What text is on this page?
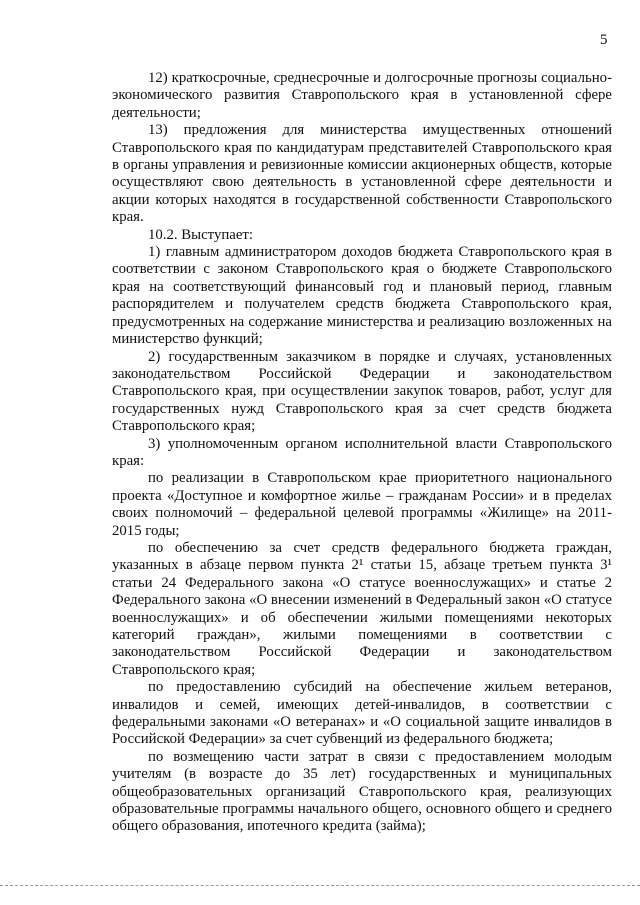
5

12) краткосрочные, среднесрочные и долгосрочные прогнозы социально-экономического развития Ставропольского края в установленной сфере деятельности;

13) предложения для министерства имущественных отношений Ставропольского края по кандидатурам представителей Ставропольского края в органы управления и ревизионные комиссии акционерных обществ, которые осуществляют свою деятельность в установленной сфере деятельности и акции которых находятся в государственной собственности Ставропольского края.

10.2. Выступает:

1) главным администратором доходов бюджета Ставропольского края в соответствии с законом Ставропольского края о бюджете Ставропольского края на соответствующий финансовый год и плановый период, главным распорядителем и получателем средств бюджета Ставропольского края, предусмотренных на содержание министерства и реализацию возложенных на министерство функций;

2) государственным заказчиком в порядке и случаях, установленных законодательством Российской Федерации и законодательством Ставропольского края, при осуществлении закупок товаров, работ, услуг для государственных нужд Ставропольского края за счет средств бюджета Ставропольского края;

3) уполномоченным органом исполнительной власти Ставропольского края:

по реализации в Ставропольском крае приоритетного национального проекта «Доступное и комфортное жилье – гражданам России» и в пределах своих полномочий – федеральной целевой программы «Жилище» на 2011-2015 годы;

по обеспечению за счет средств федерального бюджета граждан, указанных в абзаце первом пункта 2¹ статьи 15, абзаце третьем пункта 3¹ статьи 24 Федерального закона «О статусе военнослужащих» и статье 2 Федерального закона «О внесении изменений в Федеральный закон «О статусе военнослужащих» и об обеспечении жилыми помещениями некоторых категорий граждан», жилыми помещениями в соответствии с законодательством Российской Федерации и законодательством Ставропольского края;

по предоставлению субсидий на обеспечение жильем ветеранов, инвалидов и семей, имеющих детей-инвалидов, в соответствии с федеральными законами «О ветеранах» и «О социальной защите инвалидов в Российской Федерации» за счет субвенций из федерального бюджета;

по возмещению части затрат в связи с предоставлением молодым учителям (в возрасте до 35 лет) государственных и муниципальных общеобразовательных организаций Ставропольского края, реализующих образовательные программы начального общего, основного общего и среднего общего образования, ипотечного кредита (займа);
